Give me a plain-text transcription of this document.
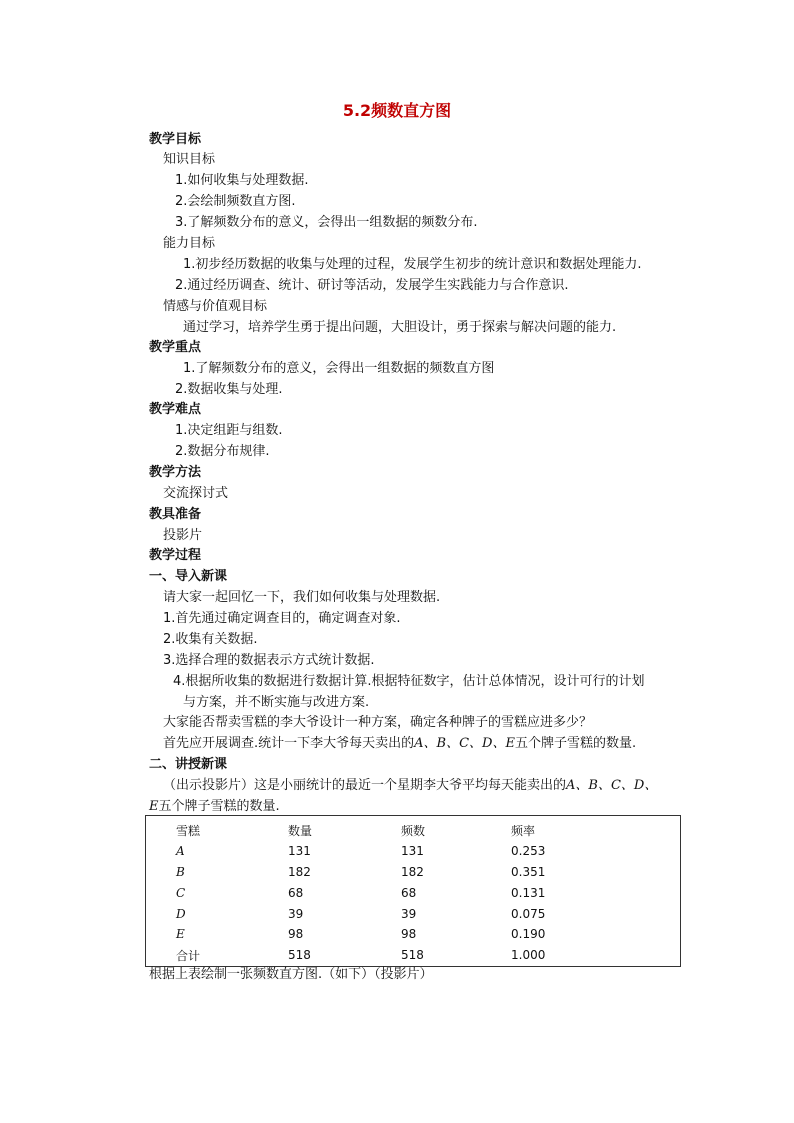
5.2频数直方图
教学目标
知识目标
1.如何收集与处理数据.
2.会绘制频数直方图.
3.了解频数分布的意义，会得出一组数据的频数分布.
能力目标
1.初步经历数据的收集与处理的过程，发展学生初步的统计意识和数据处理能力.
2.通过经历调查、统计、研讨等活动，发展学生实践能力与合作意识.
情感与价值观目标
通过学习，培养学生勇于提出问题，大胆设计，勇于探索与解决问题的能力.
教学重点
1.了解频数分布的意义，会得出一组数据的频数直方图
2.数据收集与处理.
教学难点
1.决定组距与组数.
2.数据分布规律.
教学方法
交流探讨式
教具准备
投影片
教学过程
一、导入新课
请大家一起回忆一下，我们如何收集与处理数据.
1.首先通过确定调查目的，确定调查对象.
2.收集有关数据.
3.选择合理的数据表示方式统计数据.
4.根据所收集的数据进行数据计算.根据特征数字，估计总体情况，设计可行的计划
与方案，并不断实施与改进方案.
大家能否帮卖雪糕的李大爷设计一种方案，确定各种牌子的雪糕应进多少？
首先应开展调查.统计一下李大爷每天卖出的A、B、C、D、E五个牌子雪糕的数量.
二、讲授新课
（出示投影片）这是小丽统计的最近一个星期李大爷平均每天能卖出的A、B、C、D、
E五个牌子雪糕的数量.
雪糕	数量	频数	频率
A	131	131	0.253
B	182	182	0.351
C	68	68	0.131
D	39	39	0.075
E	98	98	0.190
合计	518	518	1.000
根据上表绘制一张频数直方图.（如下）（投影片）
